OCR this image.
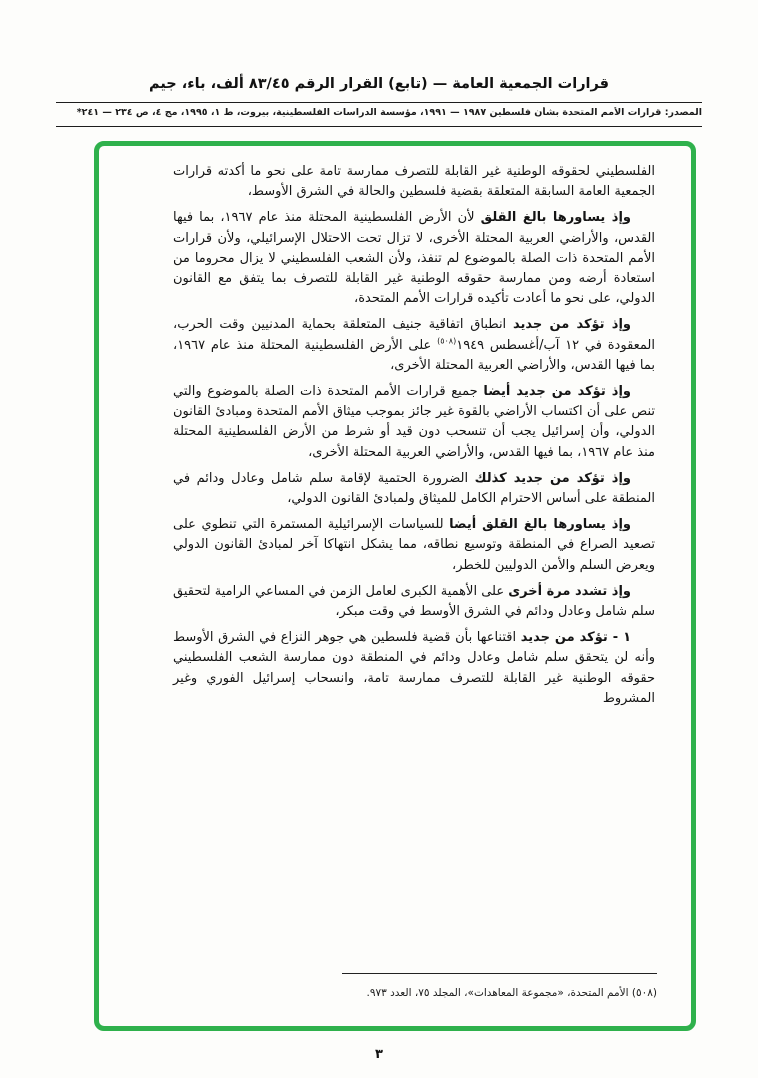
قرارات الجمعية العامة — (تابع) القرار الرقم ٨٣/٤٥ ألف، باء، جيم
المصدر: قرارات الأمم المتحدة بشأن فلسطين ١٩٨٧ — ١٩٩١، مؤسسة الدراسات الفلسطينية، بيروت، ط ١، ١٩٩٥، مج ٤، ص ٢٣٤ — ٢٤١*
الفلسطيني لحقوقه الوطنية غير القابلة للتصرف ممارسة تامة على نحو ما أكدته قرارات الجمعية العامة السابقة المتعلقة بقضية فلسطين والحالة في الشرق الأوسط،
وإذ يساورها بالغ القلق لأن الأرض الفلسطينية المحتلة منذ عام ١٩٦٧، بما فيها القدس، والأراضي العربية المحتلة الأخرى، لا تزال تحت الاحتلال الإسرائيلي، ولأن قرارات الأمم المتحدة ذات الصلة بالموضوع لم تنفذ، ولأن الشعب الفلسطيني لا يزال محروما من استعادة أرضه ومن ممارسة حقوقه الوطنية غير القابلة للتصرف بما يتفق مع القانون الدولي، على نحو ما أعادت تأكيده قرارات الأمم المتحدة،
وإذ تؤكد من جديد انطباق اتفاقية جنيف المتعلقة بحماية المدنيين وقت الحرب، المعقودة في ١٢ آب/أغسطس ١٩٤٩$^{(٥٠٨)}$ على الأرض الفلسطينية المحتلة منذ عام ١٩٦٧، بما فيها القدس، والأراضي العربية المحتلة الأخرى،
وإذ تؤكد من جديد أيضا جميع قرارات الأمم المتحدة ذات الصلة بالموضوع والتي تنص على أن اكتساب الأراضي بالقوة غير جائز بموجب ميثاق الأمم المتحدة ومبادئ القانون الدولي، وأن إسرائيل يجب أن تنسحب دون قيد أو شرط من الأرض الفلسطينية المحتلة منذ عام ١٩٦٧، بما فيها القدس، والأراضي العربية المحتلة الأخرى،
وإذ تؤكد من جديد كذلك الضرورة الحتمية لإقامة سلم شامل وعادل ودائم في المنطقة على أساس الاحترام الكامل للميثاق ولمبادئ القانون الدولي،
وإذ يساورها بالغ القلق أيضا للسياسات الإسرائيلية المستمرة التي تنطوي على تصعيد الصراع في المنطقة وتوسيع نطاقه، مما يشكل انتهاكا آخر لمبادئ القانون الدولي ويعرض السلم والأمن الدوليين للخطر،
وإذ تشدد مرة أخرى على الأهمية الكبرى لعامل الزمن في المساعي الرامية لتحقيق سلم شامل وعادل ودائم في الشرق الأوسط في وقت مبكر،
١ - تؤكد من جديد اقتناعها بأن قضية فلسطين هي جوهر النزاع في الشرق الأوسط وأنه لن يتحقق سلم شامل وعادل ودائم في المنطقة دون ممارسة الشعب الفلسطيني حقوقه الوطنية غير القابلة للتصرف ممارسة تامة، وانسحاب إسرائيل الفوري وغير المشروط
(٥٠٨) الأمم المتحدة، «مجموعة المعاهدات»، المجلد ٧٥، العدد ٩٧٣.
٣
